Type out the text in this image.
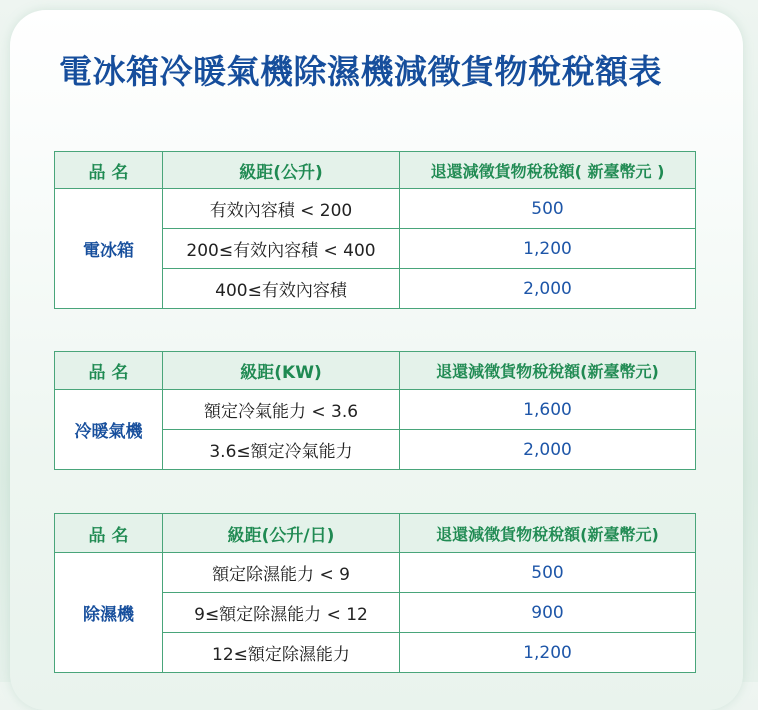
電冰箱冷暖氣機除濕機減徵貨物稅稅額表
品 名	級距(公升)	退還減徵貨物稅稅額( 新臺幣元 )
電冰箱	有效內容積 < 200	500
	200≤有效內容積 < 400	1,200
	400≤有效內容積	2,000
品 名	級距(KW)	退還減徵貨物稅稅額(新臺幣元)
冷暖氣機	額定冷氣能力 < 3.6	1,600
	3.6≤額定冷氣能力	2,000
品 名	級距(公升/日)	退還減徵貨物稅稅額(新臺幣元)
除濕機	額定除濕能力 < 9	500
	9≤額定除濕能力 < 12	900
	12≤額定除濕能力	1,200
